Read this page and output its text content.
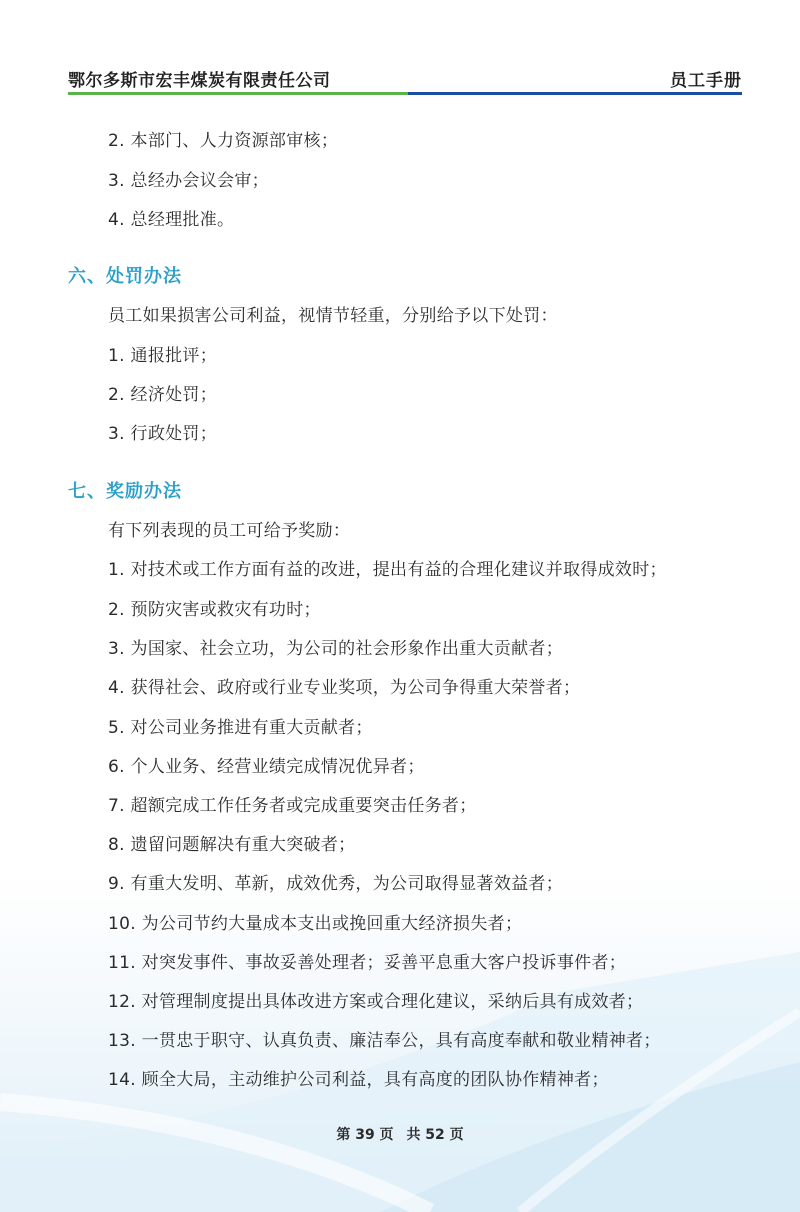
鄂尔多斯市宏丰煤炭有限责任公司	员工手册
2. 本部门、人力资源部审核；
3. 总经办会议会审；
4. 总经理批准。
六、处罚办法
员工如果损害公司利益，视情节轻重，分别给予以下处罚：
1. 通报批评；
2. 经济处罚；
3. 行政处罚；
七、奖励办法
有下列表现的员工可给予奖励：
1. 对技术或工作方面有益的改进，提出有益的合理化建议并取得成效时；
2. 预防灾害或救灾有功时；
3. 为国家、社会立功，为公司的社会形象作出重大贡献者；
4. 获得社会、政府或行业专业奖项，为公司争得重大荣誉者；
5. 对公司业务推进有重大贡献者；
6. 个人业务、经营业绩完成情况优异者；
7. 超额完成工作任务者或完成重要突击任务者；
8. 遗留问题解决有重大突破者；
9. 有重大发明、革新，成效优秀，为公司取得显著效益者；
10. 为公司节约大量成本支出或挽回重大经济损失者；
11. 对突发事件、事故妥善处理者；妥善平息重大客户投诉事件者；
12. 对管理制度提出具体改进方案或合理化建议，采纳后具有成效者；
13. 一贯忠于职守、认真负责、廉洁奉公，具有高度奉献和敬业精神者；
14. 顾全大局，主动维护公司利益，具有高度的团队协作精神者；
第 39 页 共 52 页
